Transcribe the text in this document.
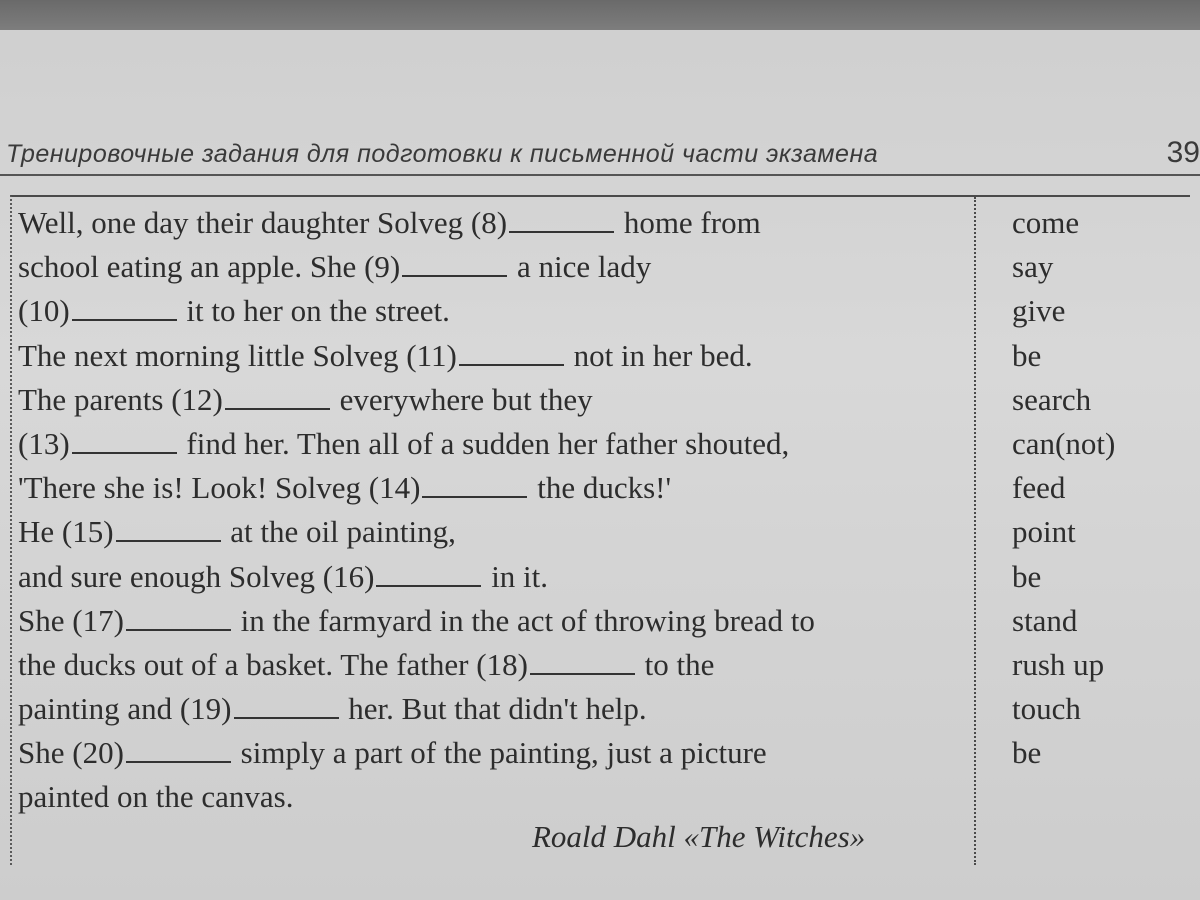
Тренировочные задания для подготовки к письменной части экзамена	39
Well, one day their daughter Solveg (8)	home from
school eating an apple. She (9)	a nice lady
(10)	it to her on the street.
The next morning little Solveg (11)	not in her bed.
The parents (12)	everywhere but they
(13)	find her. Then all of a sudden her father shouted,
'There she is! Look! Solveg (14)	the ducks!'
He (15)	at the oil painting,
and sure enough Solveg (16)	in it.
She (17)	in the farmyard in the act of throwing bread to
the ducks out of a basket. The father (18)	to the
painting and (19)	her. But that didn't help.
She (20)	simply a part of the painting, just a picture
painted on the canvas.
Roald Dahl «The Witches»
come
say
give
be
search
can(not)
feed
point
be
stand
rush up
touch
be
